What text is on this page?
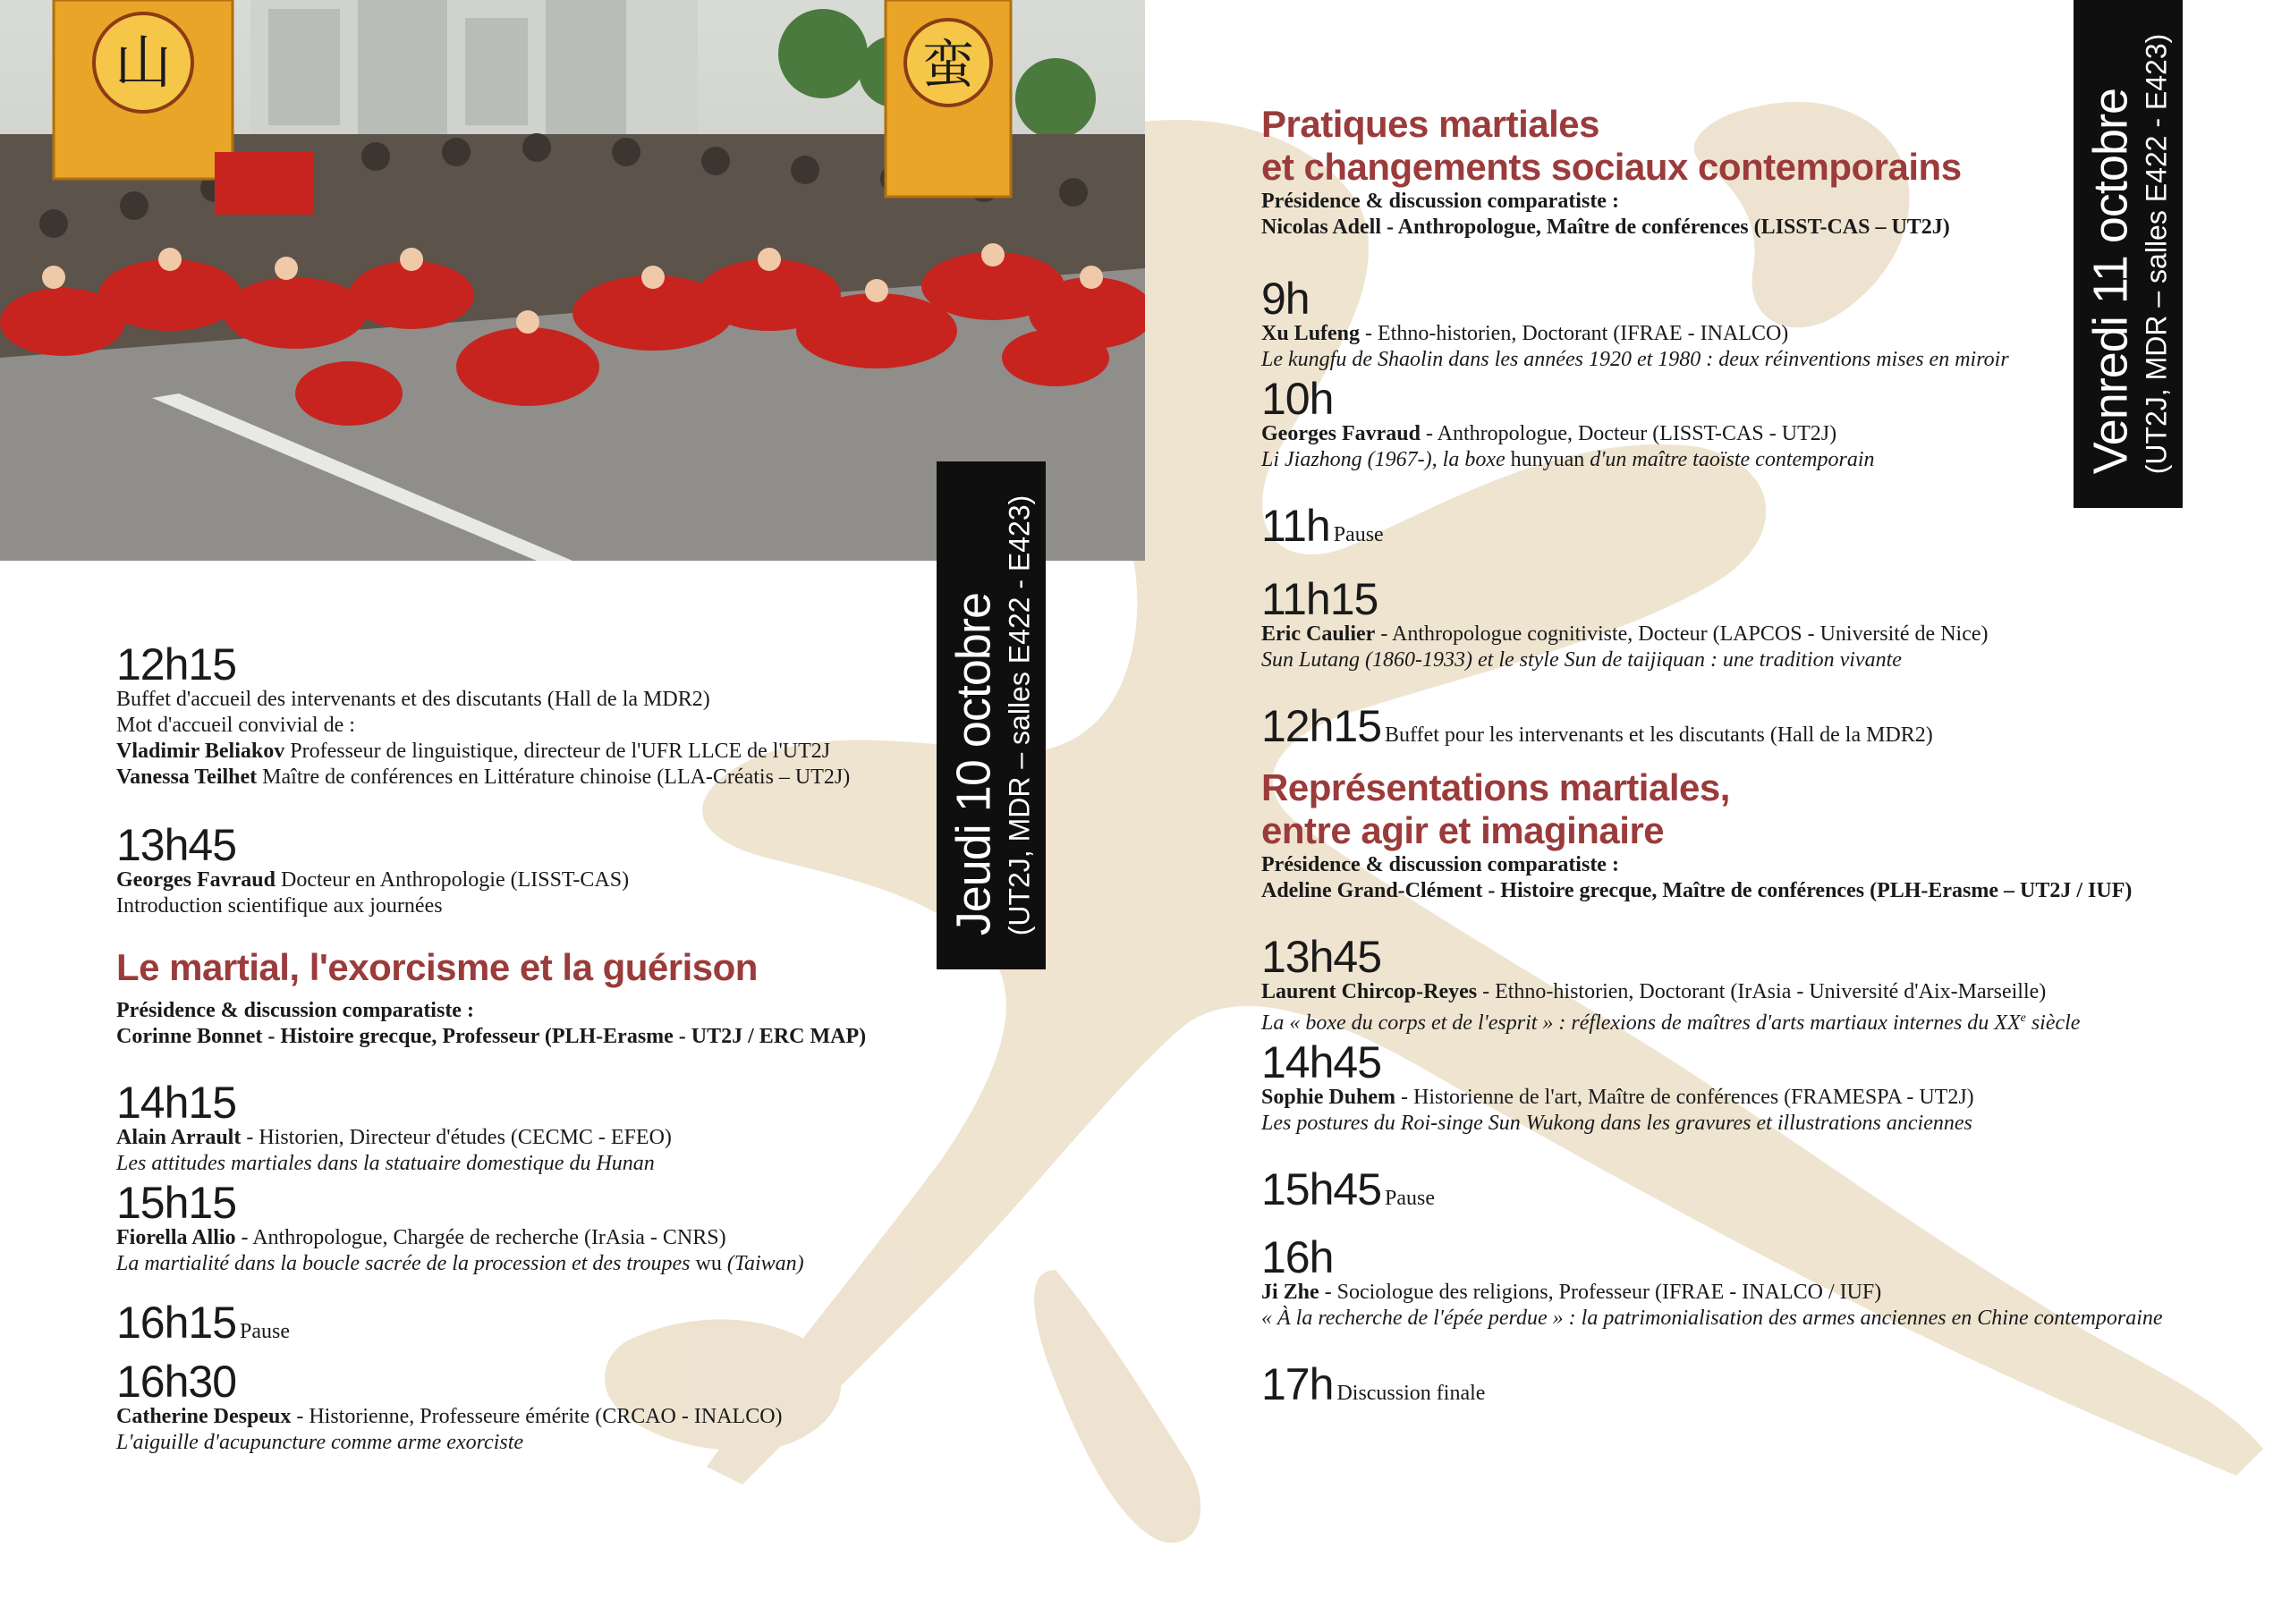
山	蛮
Jeudi 10 octobre (UT2J, MDR – salles E422 - E423)
Venredi 11 octobre (UT2J, MDR – salles E422 - E423)
12h15
Buffet d'accueil des intervenants et des discutants (Hall de la MDR2)
Mot d'accueil convivial de :
Vladimir Beliakov Professeur de linguistique, directeur de l'UFR LLCE de l'UT2J
Vanessa Teilhet Maître de conférences en Littérature chinoise (LLA-Créatis – UT2J)
13h45
Georges Favraud Docteur en Anthropologie (LISST-CAS)
Introduction scientifique aux journées
Le martial, l'exorcisme et la guérison
Présidence & discussion comparatiste :
Corinne Bonnet - Histoire grecque, Professeur (PLH-Erasme - UT2J / ERC MAP)
14h15
Alain Arrault - Historien, Directeur d'études (CECMC - EFEO)
Les attitudes martiales dans la statuaire domestique du Hunan
15h15
Fiorella Allio - Anthropologue, Chargée de recherche (IrAsia - CNRS)
La martialité dans la boucle sacrée de la procession et des troupes wu (Taiwan)
16h15 Pause
16h30
Catherine Despeux - Historienne, Professeure émérite (CRCAO - INALCO)
L'aiguille d'acupuncture comme arme exorciste
Pratiques martiales
et changements sociaux contemporains
Présidence & discussion comparatiste :
Nicolas Adell - Anthropologue, Maître de conférences (LISST-CAS – UT2J)
9h
Xu Lufeng - Ethno-historien, Doctorant (IFRAE - INALCO)
Le kungfu de Shaolin dans les années 1920 et 1980 : deux réinventions mises en miroir
10h
Georges Favraud - Anthropologue, Docteur (LISST-CAS - UT2J)
Li Jiazhong (1967-), la boxe hunyuan d'un maître taoïste contemporain
11h Pause
11h15
Eric Caulier - Anthropologue cognitiviste, Docteur (LAPCOS - Université de Nice)
Sun Lutang (1860-1933) et le style Sun de taijiquan : une tradition vivante
12h15 Buffet pour les intervenants et les discutants (Hall de la MDR2)
Représentations martiales,
entre agir et imaginaire
Présidence & discussion comparatiste :
Adeline Grand-Clément - Histoire grecque, Maître de conférences (PLH-Erasme – UT2J / IUF)
13h45
Laurent Chircop-Reyes - Ethno-historien, Doctorant (IrAsia - Université d'Aix-Marseille)
La « boxe du corps et de l'esprit » : réflexions de maîtres d'arts martiaux internes du XXe siècle
14h45
Sophie Duhem - Historienne de l'art, Maître de conférences (FRAMESPA - UT2J)
Les postures du Roi-singe Sun Wukong dans les gravures et illustrations anciennes
15h45 Pause
16h
Ji Zhe - Sociologue des religions, Professeur (IFRAE - INALCO / IUF)
« À la recherche de l'épée perdue » : la patrimonialisation des armes anciennes en Chine contemporaine
17h Discussion finale
